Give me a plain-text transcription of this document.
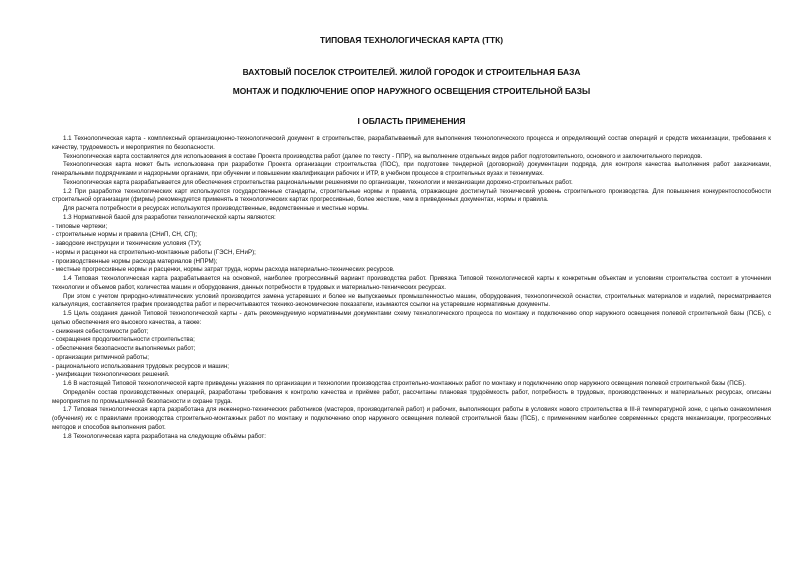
ТИПОВАЯ ТЕХНОЛОГИЧЕСКАЯ КАРТА (ТТК)
ВАХТОВЫЙ ПОСЕЛОК СТРОИТЕЛЕЙ. ЖИЛОЙ ГОРОДОК И СТРОИТЕЛЬНАЯ БАЗА
МОНТАЖ И ПОДКЛЮЧЕНИЕ ОПОР НАРУЖНОГО ОСВЕЩЕНИЯ СТРОИТЕЛЬНОЙ БАЗЫ
I ОБЛАСТЬ ПРИМЕНЕНИЯ

1.1 Технологическая карта - комплексный организационно-технологический документ в строительстве, разрабатываемый для выполнения технологического процесса и определяющий состав операций и средств механизации, требования к качеству, трудоемкость и мероприятия по безопасности.

Технологическая карта составляется для использования в составе Проекта производства работ (далее по тексту - ППР), на выполнение отдельных видов работ подготовительного, основного и заключительного периодов.

Технологическая карта может быть использована при разработке Проекта организации строительства (ПОС), при подготовке тендерной (договорной) документации подряда, для контроля качества выполнения работ заказчиками, генеральными подрядчиками и надзорными органами, при обучении и повышении квалификации рабочих и ИТР, в учебном процессе в строительных вузах и техникумах.

Технологическая карта разрабатывается для обеспечения строительства рациональными решениями по организации, технологии и механизации дорожно-строительных работ.

1.2 При разработке технологических карт используются государственные стандарты, строительные нормы и правила, отражающие достигнутый технический уровень строительного производства. Для повышения конкурентоспособности строительной организации (фирмы) рекомендуется применять в технологических картах прогрессивные, более жесткие, чем в приведенных документах, нормы и правила.

Для расчета потребности в ресурсах используются производственные, ведомственные и местные нормы.

1.3 Нормативной базой для разработки технологической карты являются:

- типовые чертежи;

- строительные нормы и правила (СНиП, СН, СП);

- заводские инструкции и технические условия (ТУ);

- нормы и расценки на строительно-монтажные работы (ГЭСН, ЕНиР);

- производственные нормы расхода материалов (НПРМ);

- местные прогрессивные нормы и расценки, нормы затрат труда, нормы расхода материально-технических ресурсов.

1.4 Типовая технологическая карта разрабатывается на основной, наиболее прогрессивный вариант производства работ. Привязка Типовой технологической карты к конкретным объектам и условиям строительства состоит в уточнении технологии и объемов работ, количества машин и оборудования, данных потребности в трудовых и материально-технических ресурсах.

При этом с учетом природно-климатических условий производится замена устаревших и более не выпускаемых промышленностью машин, оборудования, технологической оснастки, строительных материалов и изделий, пересматривается калькуляция, составляется график производства работ и пересчитываются технико-экономические показатели, изымаются ссылки на устаревшие нормативные документы.

1.5 Цель создания данной Типовой технологической карты - дать рекомендуемую нормативными документами схему технологического процесса по монтажу и подключению опор наружного освещения полевой строительной базы (ПСБ), с целью обеспечения его высокого качества, а также:

- снижения себестоимости работ;

- сокращения продолжительности строительства;

- обеспечения безопасности выполняемых работ;

- организации ритмичной работы;

- рационального использования трудовых ресурсов и машин;

- унификации технологических решений.

1.6 В настоящей Типовой технологической карте приведены указания по организации и технологии производства строительно-монтажных работ по монтажу и подключению опор наружного освещения полевой строительной базы (ПСБ).

Определён состав производственных операций, разработаны требования к контролю качества и приёмке работ, рассчитаны плановая трудоёмкость работ, потребность в трудовых, производственных и материальных ресурсах, описаны мероприятия по промышленной безопасности и охране труда.

1.7 Типовая технологическая карта разработана для инженерно-технических работников (мастеров, производителей работ) и рабочих, выполняющих работы в условиях нового строительства в III-й температурной зоне, с целью ознакомления (обучения) их с правилами производства строительно-монтажных работ по монтажу и подключению опор наружного освещения полевой строительной базы (ПСБ), с применением наиболее современных средств механизации, прогрессивных методов и способов выполнения работ.

1.8 Технологическая карта разработана на следующие объёмы работ:
